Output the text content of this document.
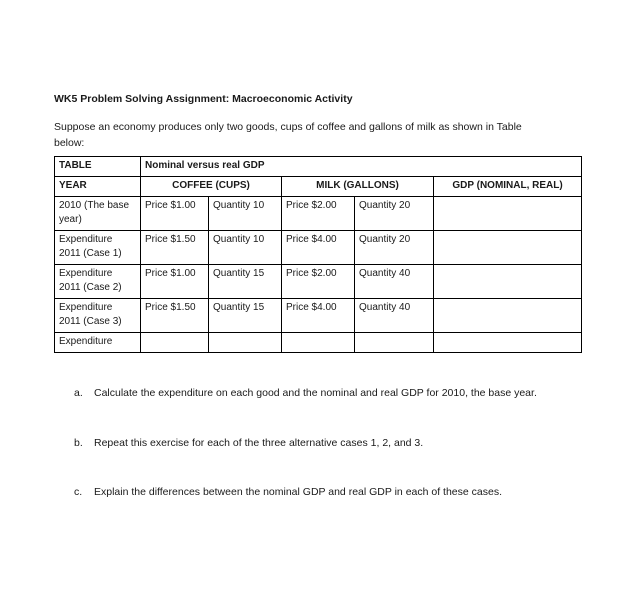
WK5 Problem Solving Assignment: Macroeconomic Activity
Suppose an economy produces only two goods, cups of coffee and gallons of milk as shown in Table below:
TABLE	Nominal versus real GDP				
YEAR	COFFEE (CUPS)		MILK (GALLONS)		GDP (NOMINAL, REAL)
2010 (The base year)	Price $1.00	Quantity 10	Price $2.00	Quantity 20	
Expenditure 2011 (Case 1)	Price $1.50	Quantity 10	Price $4.00	Quantity 20	
Expenditure 2011 (Case 2)	Price $1.00	Quantity 15	Price $2.00	Quantity 40	
Expenditure 2011 (Case 3)	Price $1.50	Quantity 15	Price $4.00	Quantity 40	
Expenditure					
a. Calculate the expenditure on each good and the nominal and real GDP for 2010, the base year.
b. Repeat this exercise for each of the three alternative cases 1, 2, and 3.
c. Explain the differences between the nominal GDP and real GDP in each of these cases.
